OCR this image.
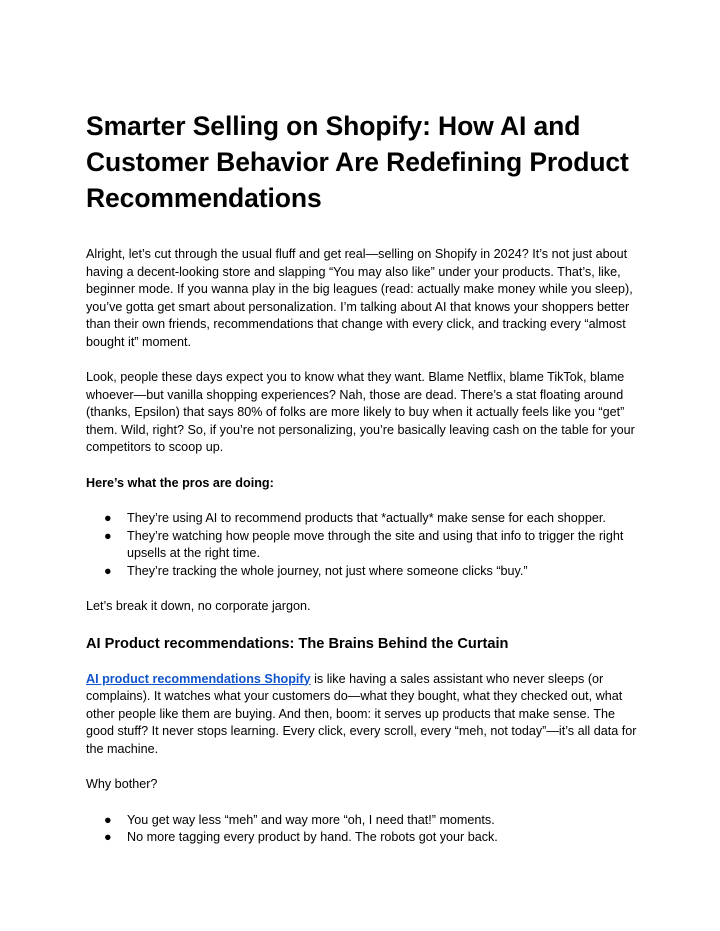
Smarter Selling on Shopify: How AI and Customer Behavior Are Redefining Product Recommendations

Alright, let’s cut through the usual fluff and get real—selling on Shopify in 2024? It’s not just about having a decent-looking store and slapping “You may also like” under your products. That’s, like, beginner mode. If you wanna play in the big leagues (read: actually make money while you sleep), you’ve gotta get smart about personalization. I’m talking about AI that knows your shoppers better than their own friends, recommendations that change with every click, and tracking every “almost bought it” moment.

Look, people these days expect you to know what they want. Blame Netflix, blame TikTok, blame whoever—but vanilla shopping experiences? Nah, those are dead. There’s a stat floating around (thanks, Epsilon) that says 80% of folks are more likely to buy when it actually feels like you “get” them. Wild, right? So, if you’re not personalizing, you’re basically leaving cash on the table for your competitors to scoop up.

Here’s what the pros are doing:

● They’re using AI to recommend products that *actually* make sense for each shopper.
● They’re watching how people move through the site and using that info to trigger the right upsells at the right time.
● They’re tracking the whole journey, not just where someone clicks “buy.”

Let’s break it down, no corporate jargon.

AI Product recommendations: The Brains Behind the Curtain

AI product recommendations Shopify is like having a sales assistant who never sleeps (or complains). It watches what your customers do—what they bought, what they checked out, what other people like them are buying. And then, boom: it serves up products that make sense. The good stuff? It never stops learning. Every click, every scroll, every “meh, not today”—it’s all data for the machine.

Why bother?

● You get way less “meh” and way more “oh, I need that!” moments.
● No more tagging every product by hand. The robots got your back.
